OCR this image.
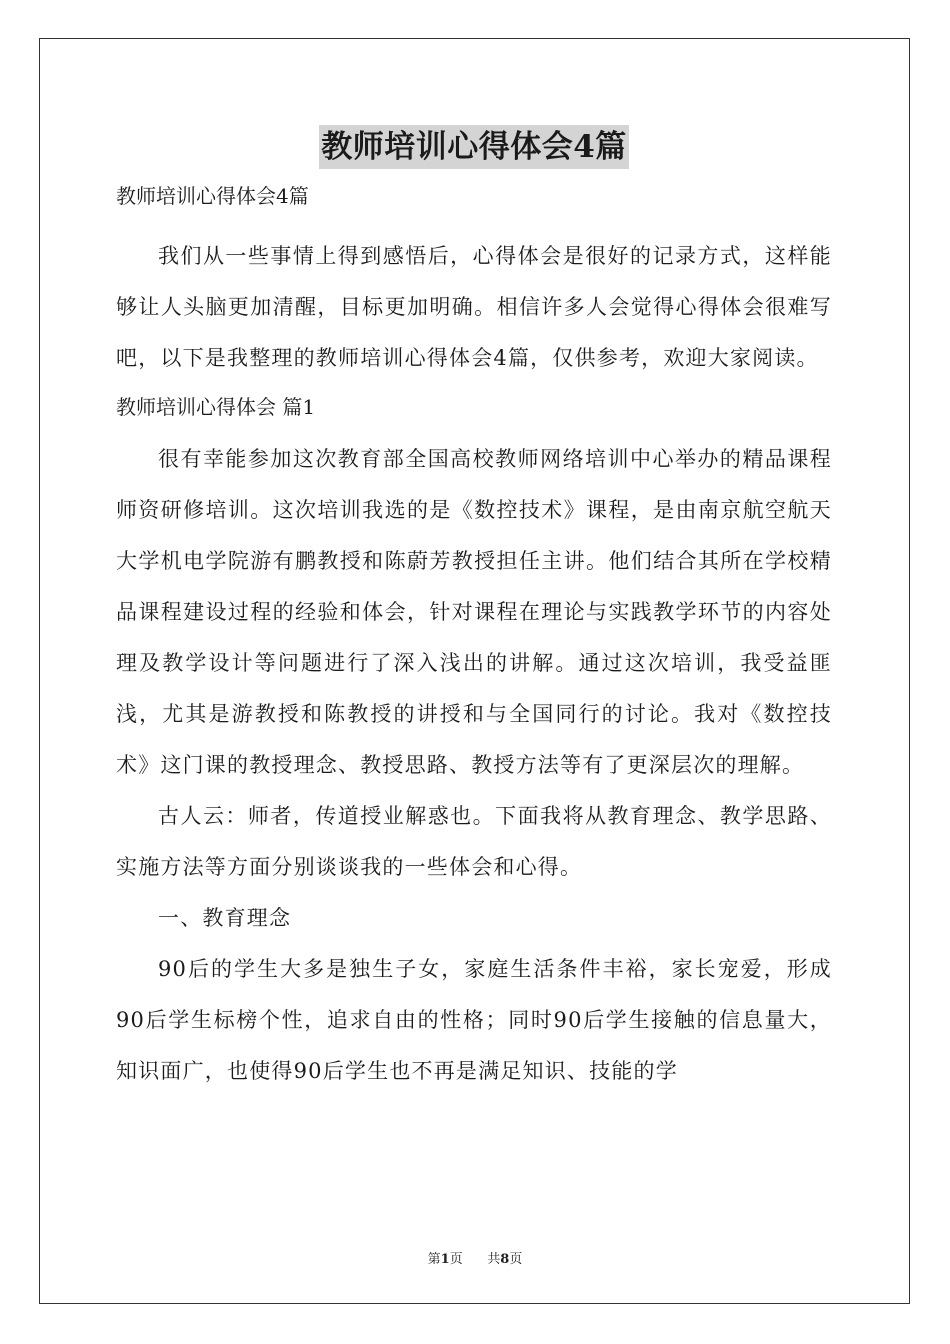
教师培训心得体会4篇
教师培训心得体会4篇

我们从一些事情上得到感悟后，心得体会是很好的记录方式，这样能够让人头脑更加清醒，目标更加明确。相信许多人会觉得心得体会很难写吧，以下是我整理的教师培训心得体会4篇，仅供参考，欢迎大家阅读。

教师培训心得体会 篇1

很有幸能参加这次教育部全国高校教师网络培训中心举办的精品课程师资研修培训。这次培训我选的是《数控技术》课程，是由南京航空航天大学机电学院游有鹏教授和陈蔚芳教授担任主讲。他们结合其所在学校精品课程建设过程的经验和体会，针对课程在理论与实践教学环节的内容处理及教学设计等问题进行了深入浅出的讲解。通过这次培训，我受益匪浅，尤其是游教授和陈教授的讲授和与全国同行的讨论。我对《数控技术》这门课的教授理念、教授思路、教授方法等有了更深层次的理解。

古人云：师者，传道授业解惑也。下面我将从教育理念、教学思路、实施方法等方面分别谈谈我的一些体会和心得。

一、教育理念

90后的学生大多是独生子女，家庭生活条件丰裕，家长宠爱，形成90后学生标榜个性，追求自由的性格；同时90后学生接触的信息量大，知识面广，也使得90后学生也不再是满足知识、技能的学

第1页 共8页
